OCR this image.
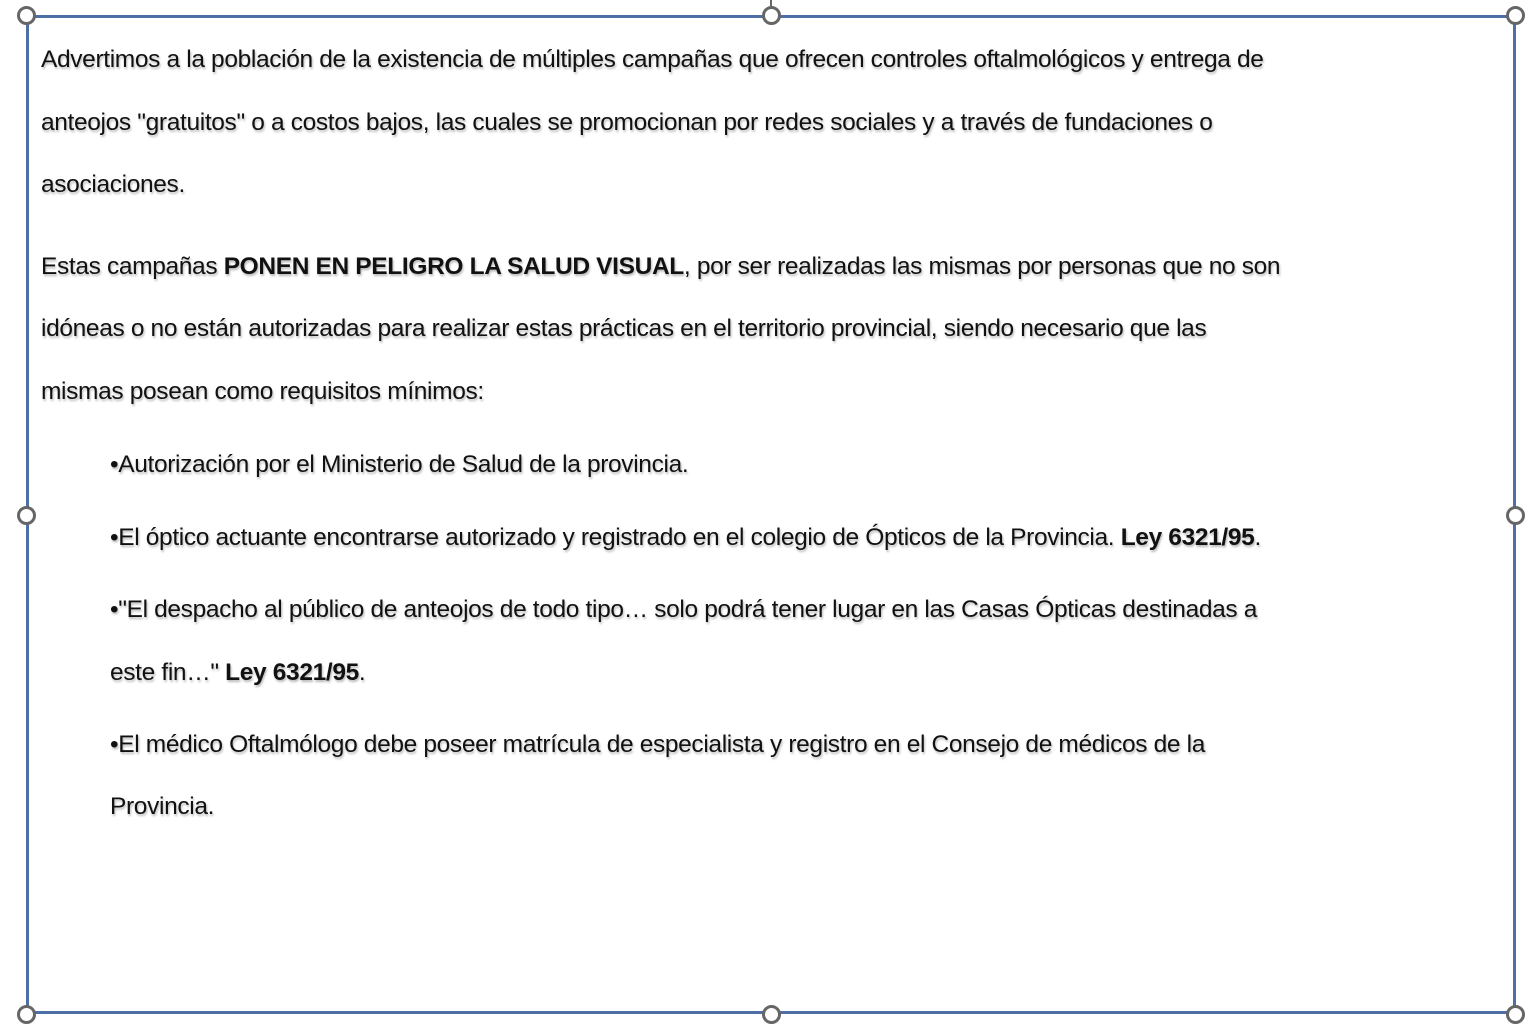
Advertimos a la población de la existencia de múltiples campañas que ofrecen controles oftalmológicos y entrega de
anteojos "gratuitos" o a costos bajos, las cuales se promocionan por redes sociales y a través de fundaciones o
asociaciones.
Estas campañas PONEN EN PELIGRO LA SALUD VISUAL, por ser realizadas las mismas por personas que no son
idóneas o no están autorizadas para realizar estas prácticas en el territorio provincial, siendo necesario que las
mismas posean como requisitos mínimos:
•Autorización por el Ministerio de Salud de la provincia.
•El óptico actuante encontrarse autorizado y registrado en el colegio de Ópticos de la Provincia. Ley 6321/95.
•"El despacho al público de anteojos de todo tipo… solo podrá tener lugar en las Casas Ópticas destinadas a
este fin…" Ley 6321/95.
•El médico Oftalmólogo debe poseer matrícula de especialista y registro en el Consejo de médicos de la
Provincia.
